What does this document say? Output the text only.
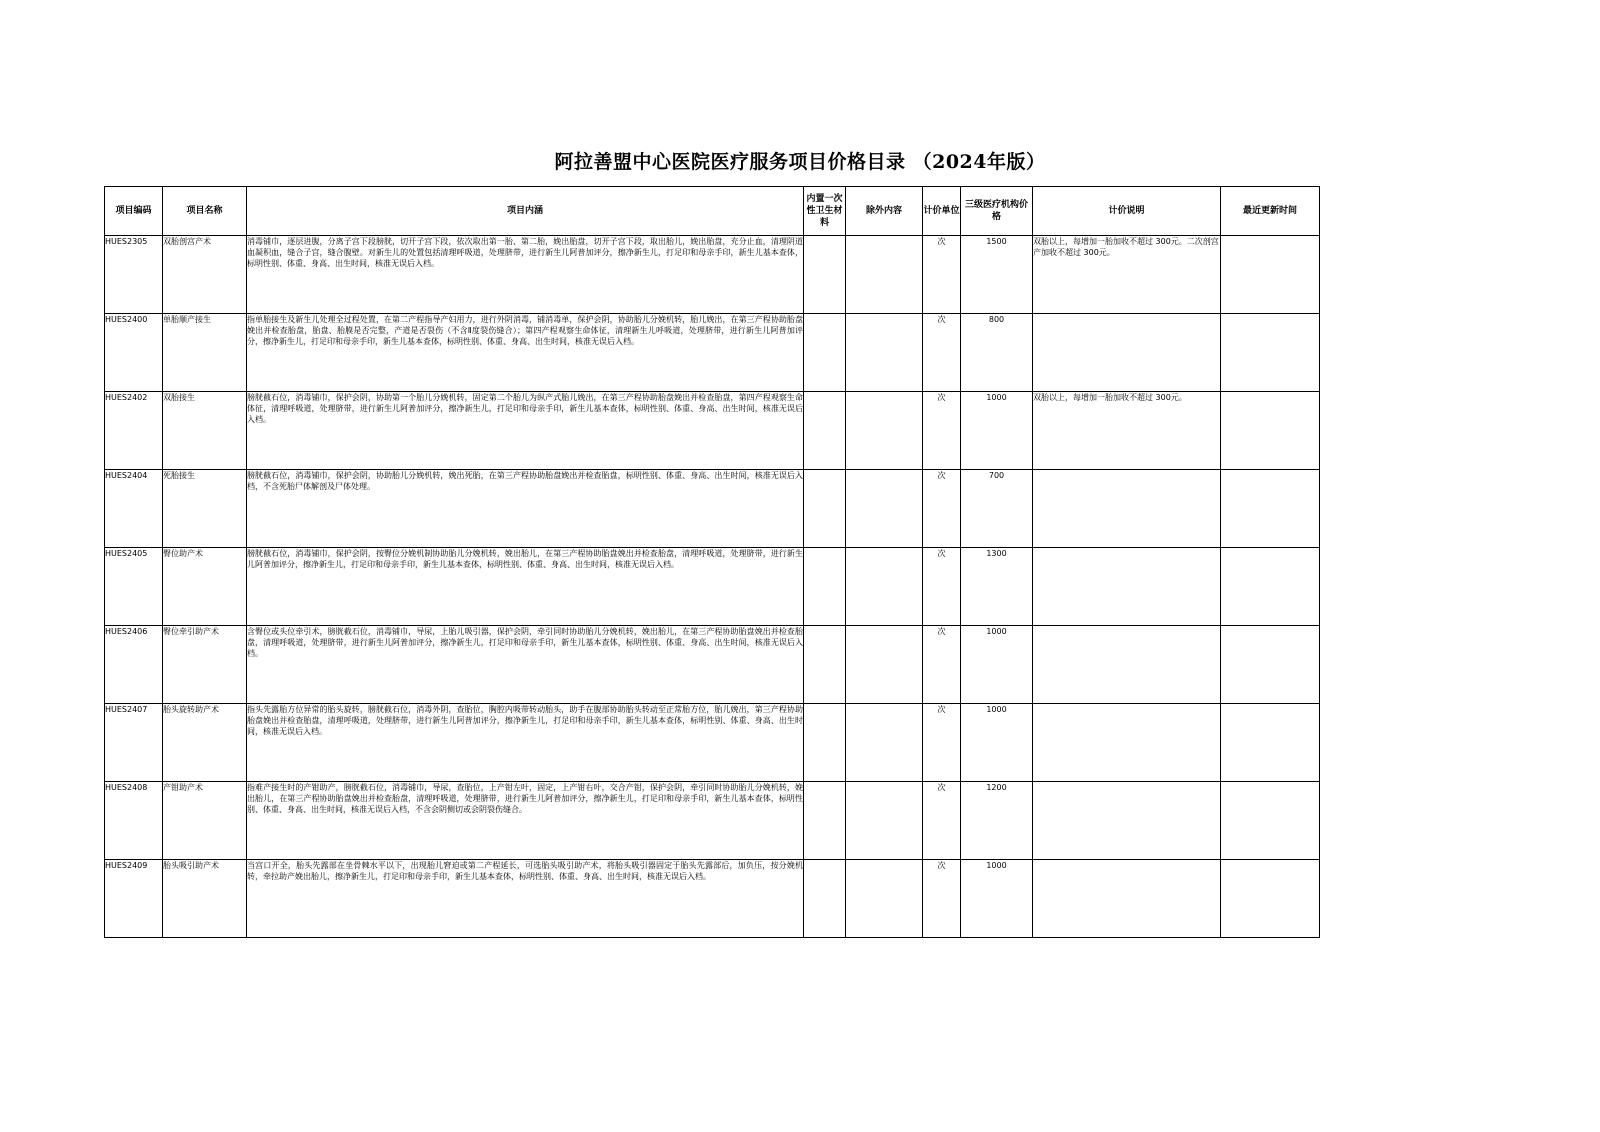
阿拉善盟中心医院医疗服务项目价格目录 （2024年版）
项目编码	项目名称	项目内涵	内置一次性卫生材料	除外内容	计价单位	三级医疗机构价格	计价说明	最近更新时间
HUES2305	双胎剖宫产术	消毒铺巾，逐层进腹，分离子宫下段膀胱，切开子宫下段，依次取出第一胎、第二胎，娩出胎盘，切开子宫下段，取出胎儿，娩出胎盘，充分止血，清理阴道血凝积血，缝合子宫，缝合腹壁。对新生儿的处置包括清理呼吸道，处理脐带，进行新生儿阿普加评分，擦净新生儿，打足印和母亲手印，新生儿基本查体，标明性别、体重、身高、出生时间，核准无误后入档。			次	1500	双胎以上，每增加一胎加收不超过 300元。二次剖宫产加收不超过 300元。	
HUES2400	单胎顺产接生	指单胎接生及新生儿处理全过程处置，在第二产程指导产妇用力，进行外阴消毒，铺消毒单，保护会阴，协助胎儿分娩机转，胎儿娩出，在第三产程协助胎盘娩出并检查胎盘，胎盘、胎膜是否完整，产道是否裂伤（不含Ⅱ度裂伤缝合）；第四产程观察生命体征，清理新生儿呼吸道，处理脐带，进行新生儿阿普加评分，擦净新生儿，打足印和母亲手印，新生儿基本查体，标明性别、体重、身高、出生时间，核准无误后入档。			次	800		
HUES2402	双胎接生	膀胱截石位，消毒铺巾，保护会阴，协助第一个胎儿分娩机转，固定第二个胎儿为纵产式胎儿娩出，在第三产程协助胎盘娩出并检查胎盘，第四产程观察生命体征，清理呼吸道，处理脐带，进行新生儿阿普加评分，擦净新生儿，打足印和母亲手印，新生儿基本查体，标明性别、体重、身高、出生时间，核准无误后入档。			次	1000	双胎以上，每增加一胎加收不超过 300元。	
HUES2404	死胎接生	膀胱截石位，消毒铺巾，保护会阴，协助胎儿分娩机转，娩出死胎，在第三产程协助胎盘娩出并检查胎盘，标明性别、体重、身高、出生时间，核准无误后入档，不含死胎尸体解剖及尸体处理。			次	700		
HUES2405	臀位助产术	膀胱截石位，消毒铺巾，保护会阴，按臀位分娩机制协助胎儿分娩机转，娩出胎儿，在第三产程协助胎盘娩出并检查胎盘，清理呼吸道，处理脐带，进行新生儿阿普加评分，擦净新生儿，打足印和母亲手印，新生儿基本查体，标明性别、体重、身高、出生时间，核准无误后入档。			次	1300		
HUES2406	臀位牵引助产术	含臀位或头位牵引术，膀胱截石位，消毒铺巾，导尿，上胎儿吸引器，保护会阴，牵引同时协助胎儿分娩机转，娩出胎儿，在第三产程协助胎盘娩出并检查胎盘，清理呼吸道，处理脐带，进行新生儿阿普加评分，擦净新生儿，打足印和母亲手印，新生儿基本查体，标明性别、体重、身高、出生时间，核准无误后入档。			次	1000		
HUES2407	胎头旋转助产术	指头先露胎方位异常的胎头旋转，膀胱截石位，消毒外阴，查胎位，胸腔内吸带转动胎头，助手在腹部协助胎头转动至正常胎方位，胎儿娩出，第三产程协助胎盘娩出并检查胎盘，清理呼吸道，处理脐带，进行新生儿阿普加评分，擦净新生儿，打足印和母亲手印，新生儿基本查体，标明性别、体重、身高、出生时间，核准无误后入档。			次	1000		
HUES2408	产钳助产术	指难产接生时的产钳助产，膀胱截石位，消毒铺巾，导尿，查胎位，上产钳左叶，固定，上产钳右叶，交合产钳，保护会阴，牵引同时协助胎儿分娩机转，娩出胎儿，在第三产程协助胎盘娩出并检查胎盘，清理呼吸道，处理脐带，进行新生儿阿普加评分，擦净新生儿，打足印和母亲手印，新生儿基本查体，标明性别、体重、身高、出生时间，核准无误后入档，不含会阴侧切或会阴裂伤缝合。			次	1200		
HUES2409	胎头吸引助产术	当宫口开全，胎头先露部在坐骨棘水平以下，出现胎儿窘迫或第二产程延长，可选胎头吸引助产术，将胎头吸引器固定于胎头先露部后，加负压，按分娩机转，牵拉助产娩出胎儿，擦净新生儿，打足印和母亲手印，新生儿基本查体，标明性别、体重、身高、出生时间，核准无误后入档。			次	1000		
